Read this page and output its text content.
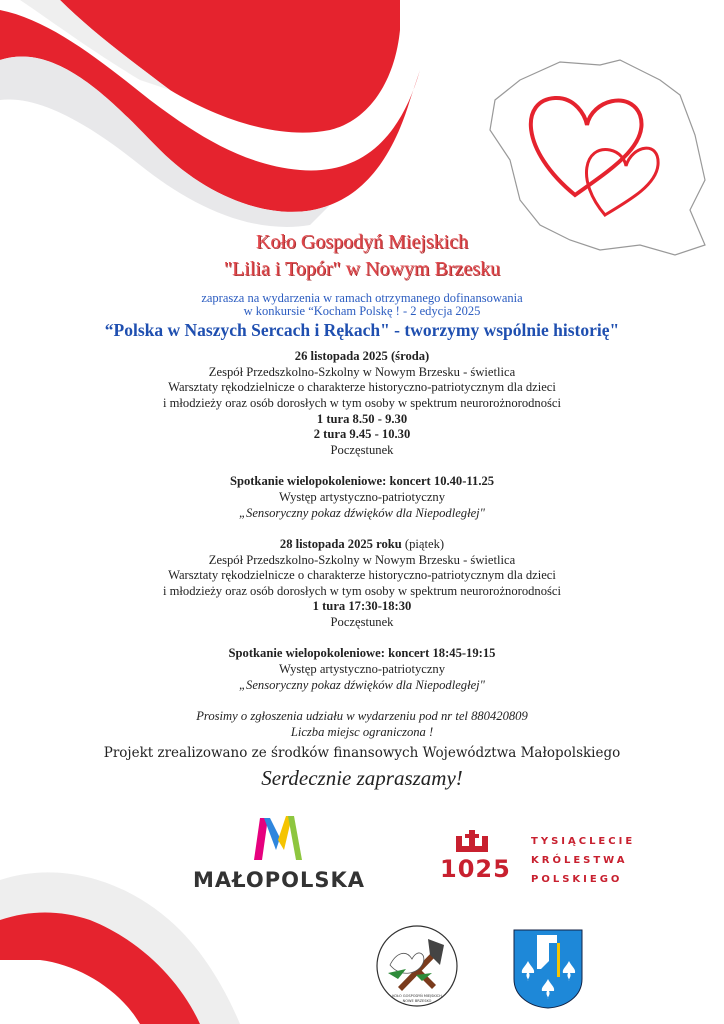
Koło Gospodyń Miejskich
"Lilia i Topór" w Nowym Brzesku
zaprasza na wydarzenia w ramach otrzymanego dofinansowania
w konkursie “Kocham Polskę ! - 2 edycja 2025
“Polska w Naszych Sercach i Rękach" - tworzymy wspólnie historię"
26 listopada 2025 (środa)
Zespół Przedszkolno-Szkolny w Nowym Brzesku - świetlica
Warsztaty rękodzielnicze o charakterze historyczno-patriotycznym dla dzieci
i młodzieży oraz osób dorosłych w tym osoby w spektrum neurorożnorodności
1 tura 8.50 - 9.30
2 tura 9.45 - 10.30
Poczęstunek
Spotkanie wielopokoleniowe: koncert 10.40-11.25
Występ artystyczno-patriotyczny
„Sensoryczny pokaz dźwięków dla Niepodległej"
28 listopada 2025 roku (piątek)
Zespół Przedszkolno-Szkolny w Nowym Brzesku - świetlica
Warsztaty rękodzielnicze o charakterze historyczno-patriotycznym dla dzieci
i młodzieży oraz osób dorosłych w tym osoby w spektrum neurorożnorodności
1 tura 17:30-18:30
Poczęstunek
Spotkanie wielopokoleniowe: koncert 18:45-19:15
Występ artystyczno-patriotyczny
„Sensoryczny pokaz dźwięków dla Niepodległej"
Prosimy o zgłoszenia udziału w wydarzeniu pod nr tel 880420809
Liczba miejsc ograniczona !
Projekt zrealizowano ze środków finansowych Województwa Małopolskiego
Serdecznie zapraszamy!
MAŁOPOLSKA	1025
TYSIĄCLECIE
KRÓLESTWA
POLSKIEGO
KOŁO GOSPODYŃ MIEJSKICH
NOWE BRZESKO
